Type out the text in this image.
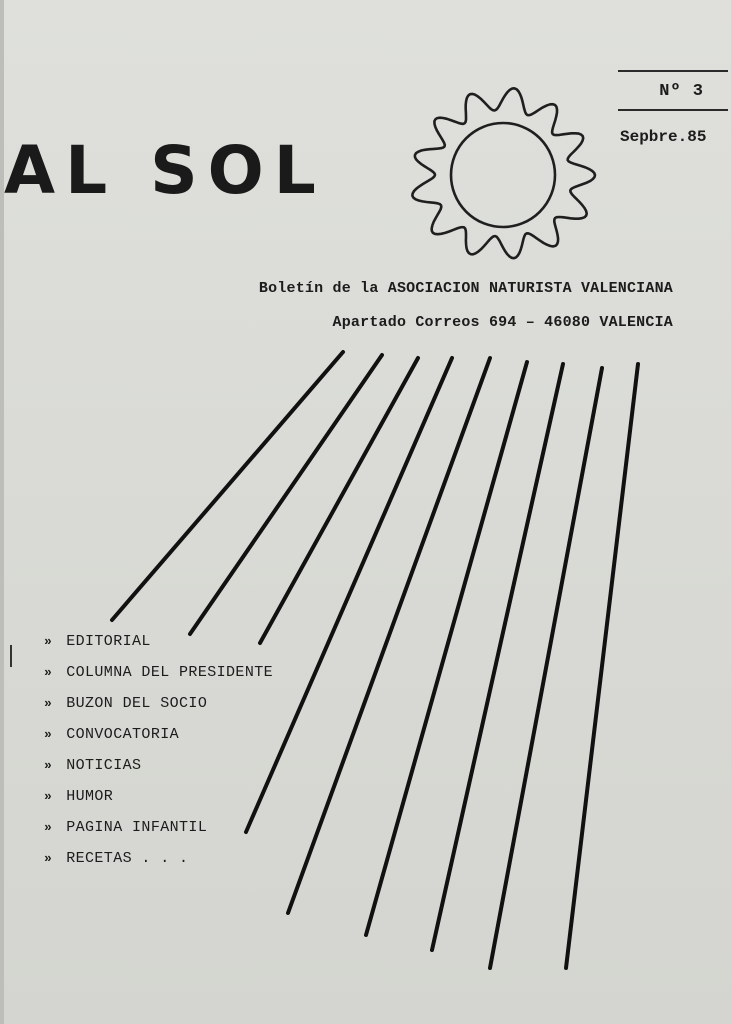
AL SOL
Nº 3
Sepbre.85
Boletín de la ASOCIACION NATURISTA VALENCIANA
Apartado Correos 694 – 46080 VALENCIA
» EDITORIAL
» COLUMNA DEL PRESIDENTE
» BUZON DEL SOCIO
» CONVOCATORIA
» NOTICIAS
» HUMOR
» PAGINA INFANTIL
» RECETAS . . .
